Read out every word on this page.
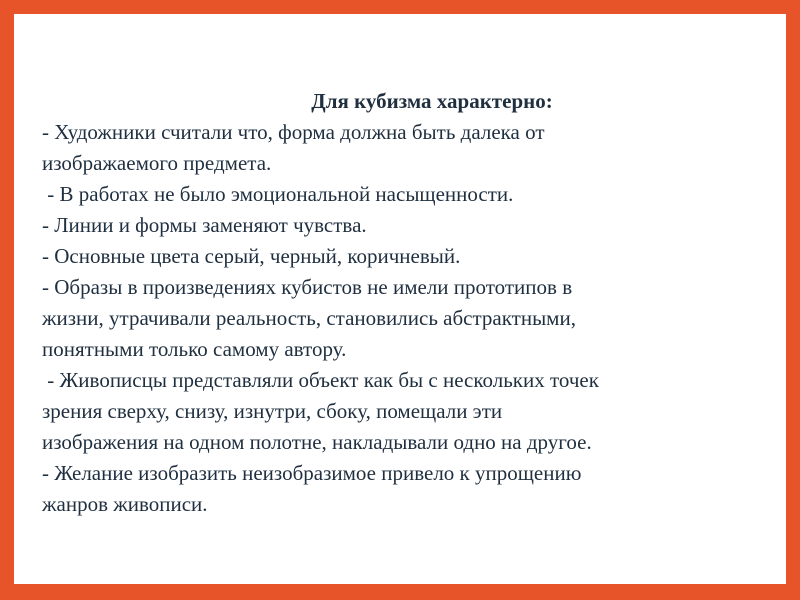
Для кубизма характерно:
- Художники считали что, форма должна быть далека от
изображаемого предмета.
- В работах не было эмоциональной насыщенности.
- Линии и формы заменяют чувства.
- Основные цвета серый, черный, коричневый.
- Образы в произведениях кубистов не имели прототипов в
жизни, утрачивали реальность, становились абстрактными,
понятными только самому автору.
- Живописцы представляли объект как бы с нескольких точек
зрения сверху, снизу, изнутри, сбоку, помещали эти
изображения на одном полотне, накладывали одно на другое.
- Желание изобразить неизобразимое привело к упрощению
жанров живописи.
